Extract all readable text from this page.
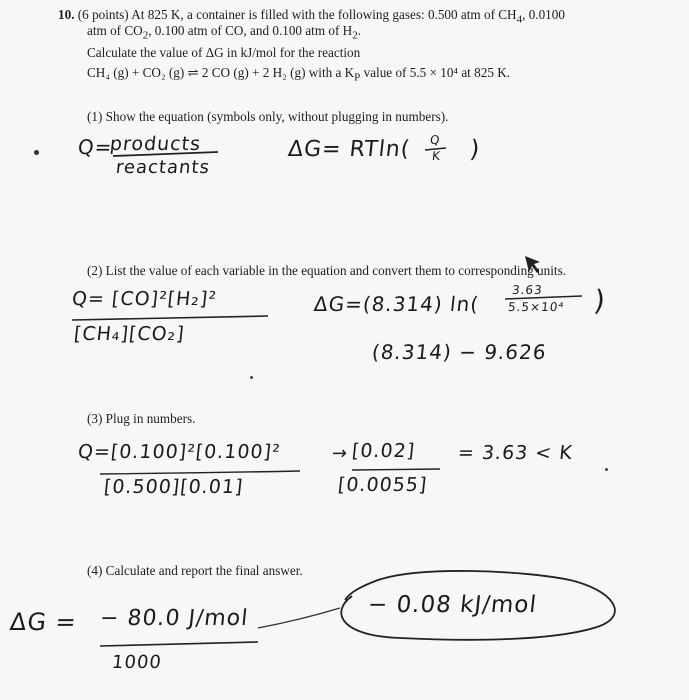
10. (6 points) At 825 K, a container is filled with the following gases: 0.500 atm of $CH_4$, 0.0100
atm of $CO_2$, 0.100 atm of CO, and 0.100 atm of $H_2$.
Calculate the value of ΔG in kJ/mol for the reaction
CH₄ (g) + CO₂ (g) ⇌ 2 CO (g) + 2 H₂ (g) with a $K_P$ value of 5.5 × 10⁴ at 825 K.
(1) Show the equation (symbols only, without plugging in numbers).
Q=
products
reactants
ΔG= RTln( Q
K )
(2) List the value of each variable in the equation and convert them to corresponding units.
Q= [CO]²[H₂]²
[CH₄][CO₂]
ΔG=(8.314) ln(
3.63
5.5×10⁴ )
(8.314) − 9.626
(3) Plug in numbers.
Q=[0.100]²[0.100]²	→ [0.02] = 3.63 < K
[0.500][0.01]	[0.0055]
(4) Calculate and report the final answer.
ΔG = − 80.0 J/mol
1000
− 0.08 kJ/mol
